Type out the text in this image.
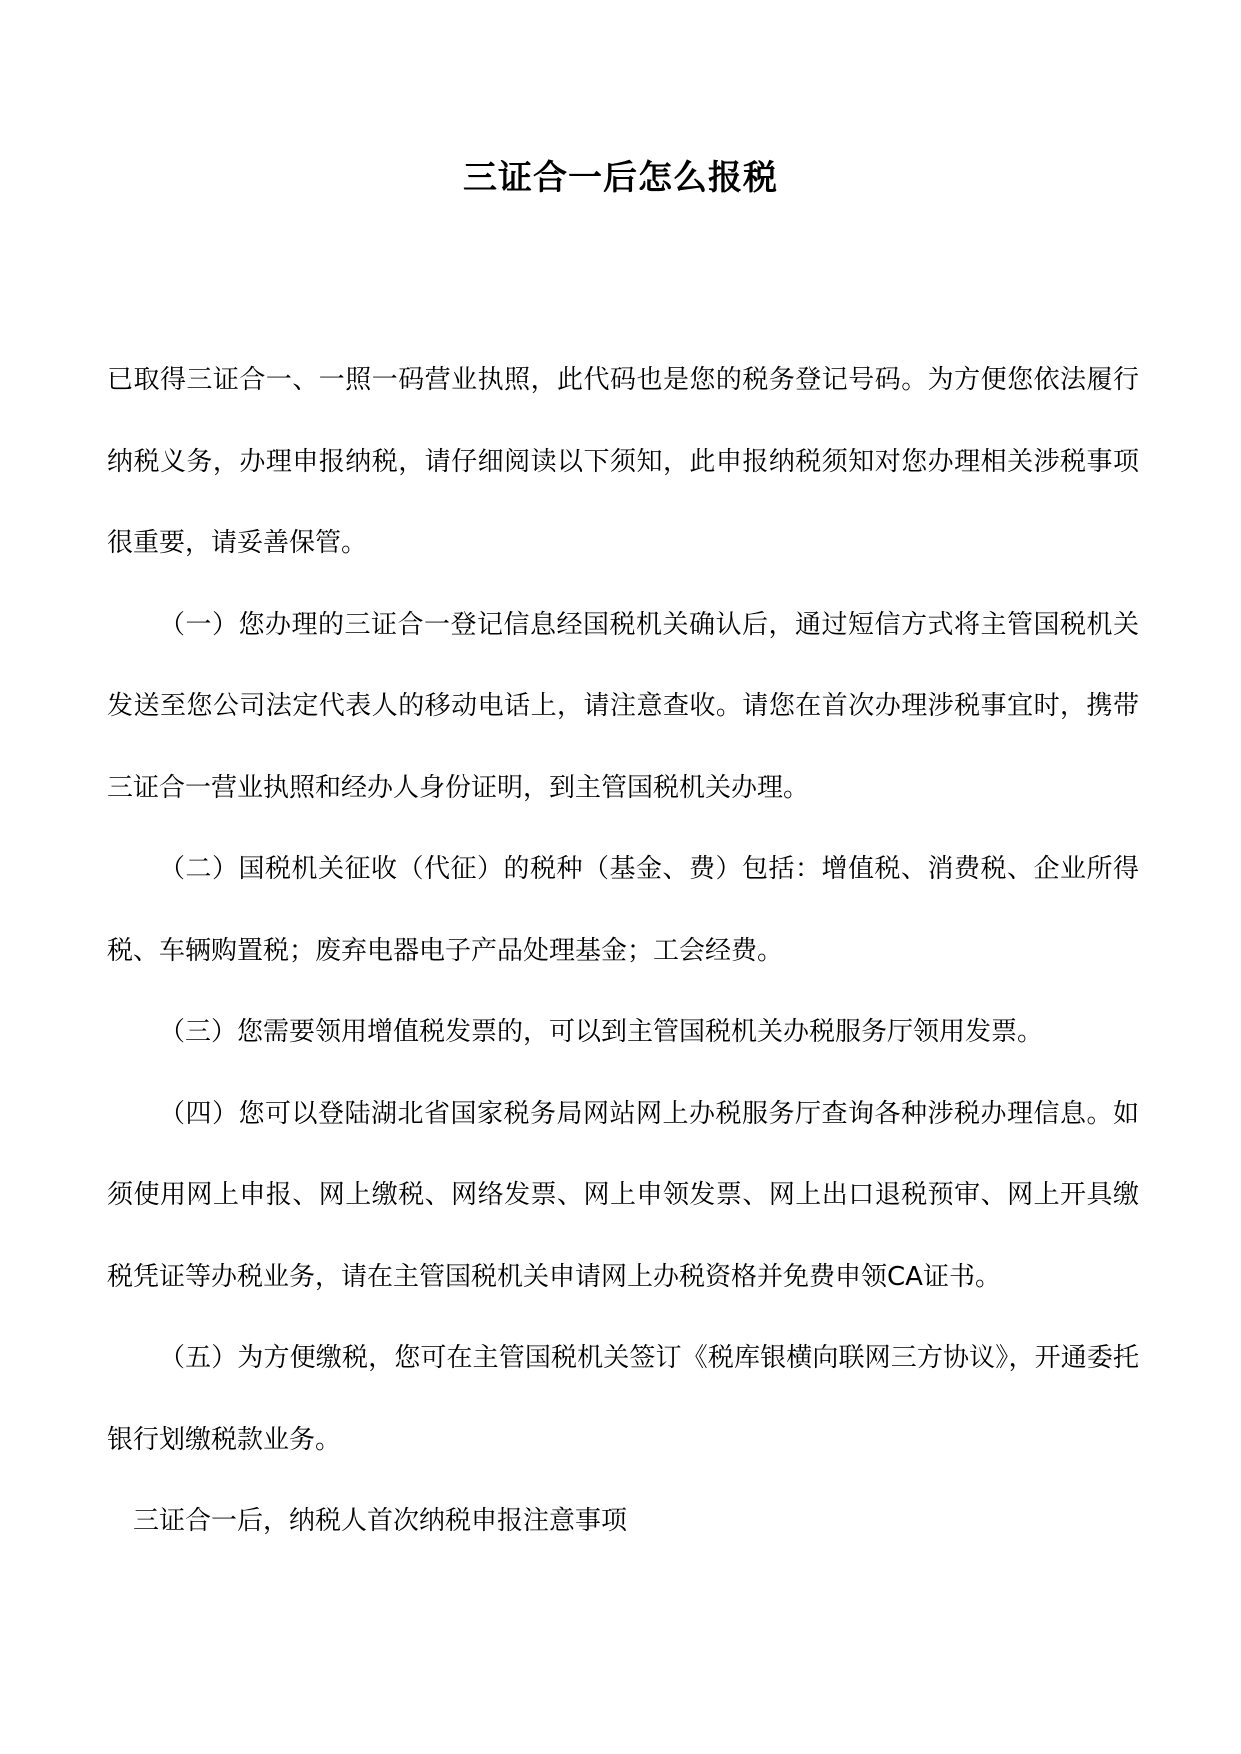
三证合一后怎么报税

已取得三证合一、一照一码营业执照，此代码也是您的税务登记号码。为方便您依法履行纳税义务，办理申报纳税，请仔细阅读以下须知，此申报纳税须知对您办理相关涉税事项很重要，请妥善保管。

（一）您办理的三证合一登记信息经国税机关确认后，通过短信方式将主管国税机关发送至您公司法定代表人的移动电话上，请注意查收。请您在首次办理涉税事宜时，携带三证合一营业执照和经办人身份证明，到主管国税机关办理。

（二）国税机关征收（代征）的税种（基金、费）包括：增值税、消费税、企业所得税、车辆购置税；废弃电器电子产品处理基金；工会经费。

（三）您需要领用增值税发票的，可以到主管国税机关办税服务厅领用发票。

（四）您可以登陆湖北省国家税务局网站网上办税服务厅查询各种涉税办理信息。如须使用网上申报、网上缴税、网络发票、网上申领发票、网上出口退税预审、网上开具缴税凭证等办税业务，请在主管国税机关申请网上办税资格并免费申领CA证书。

（五）为方便缴税，您可在主管国税机关签订《税库银横向联网三方协议》，开通委托银行划缴税款业务。

三证合一后，纳税人首次纳税申报注意事项
